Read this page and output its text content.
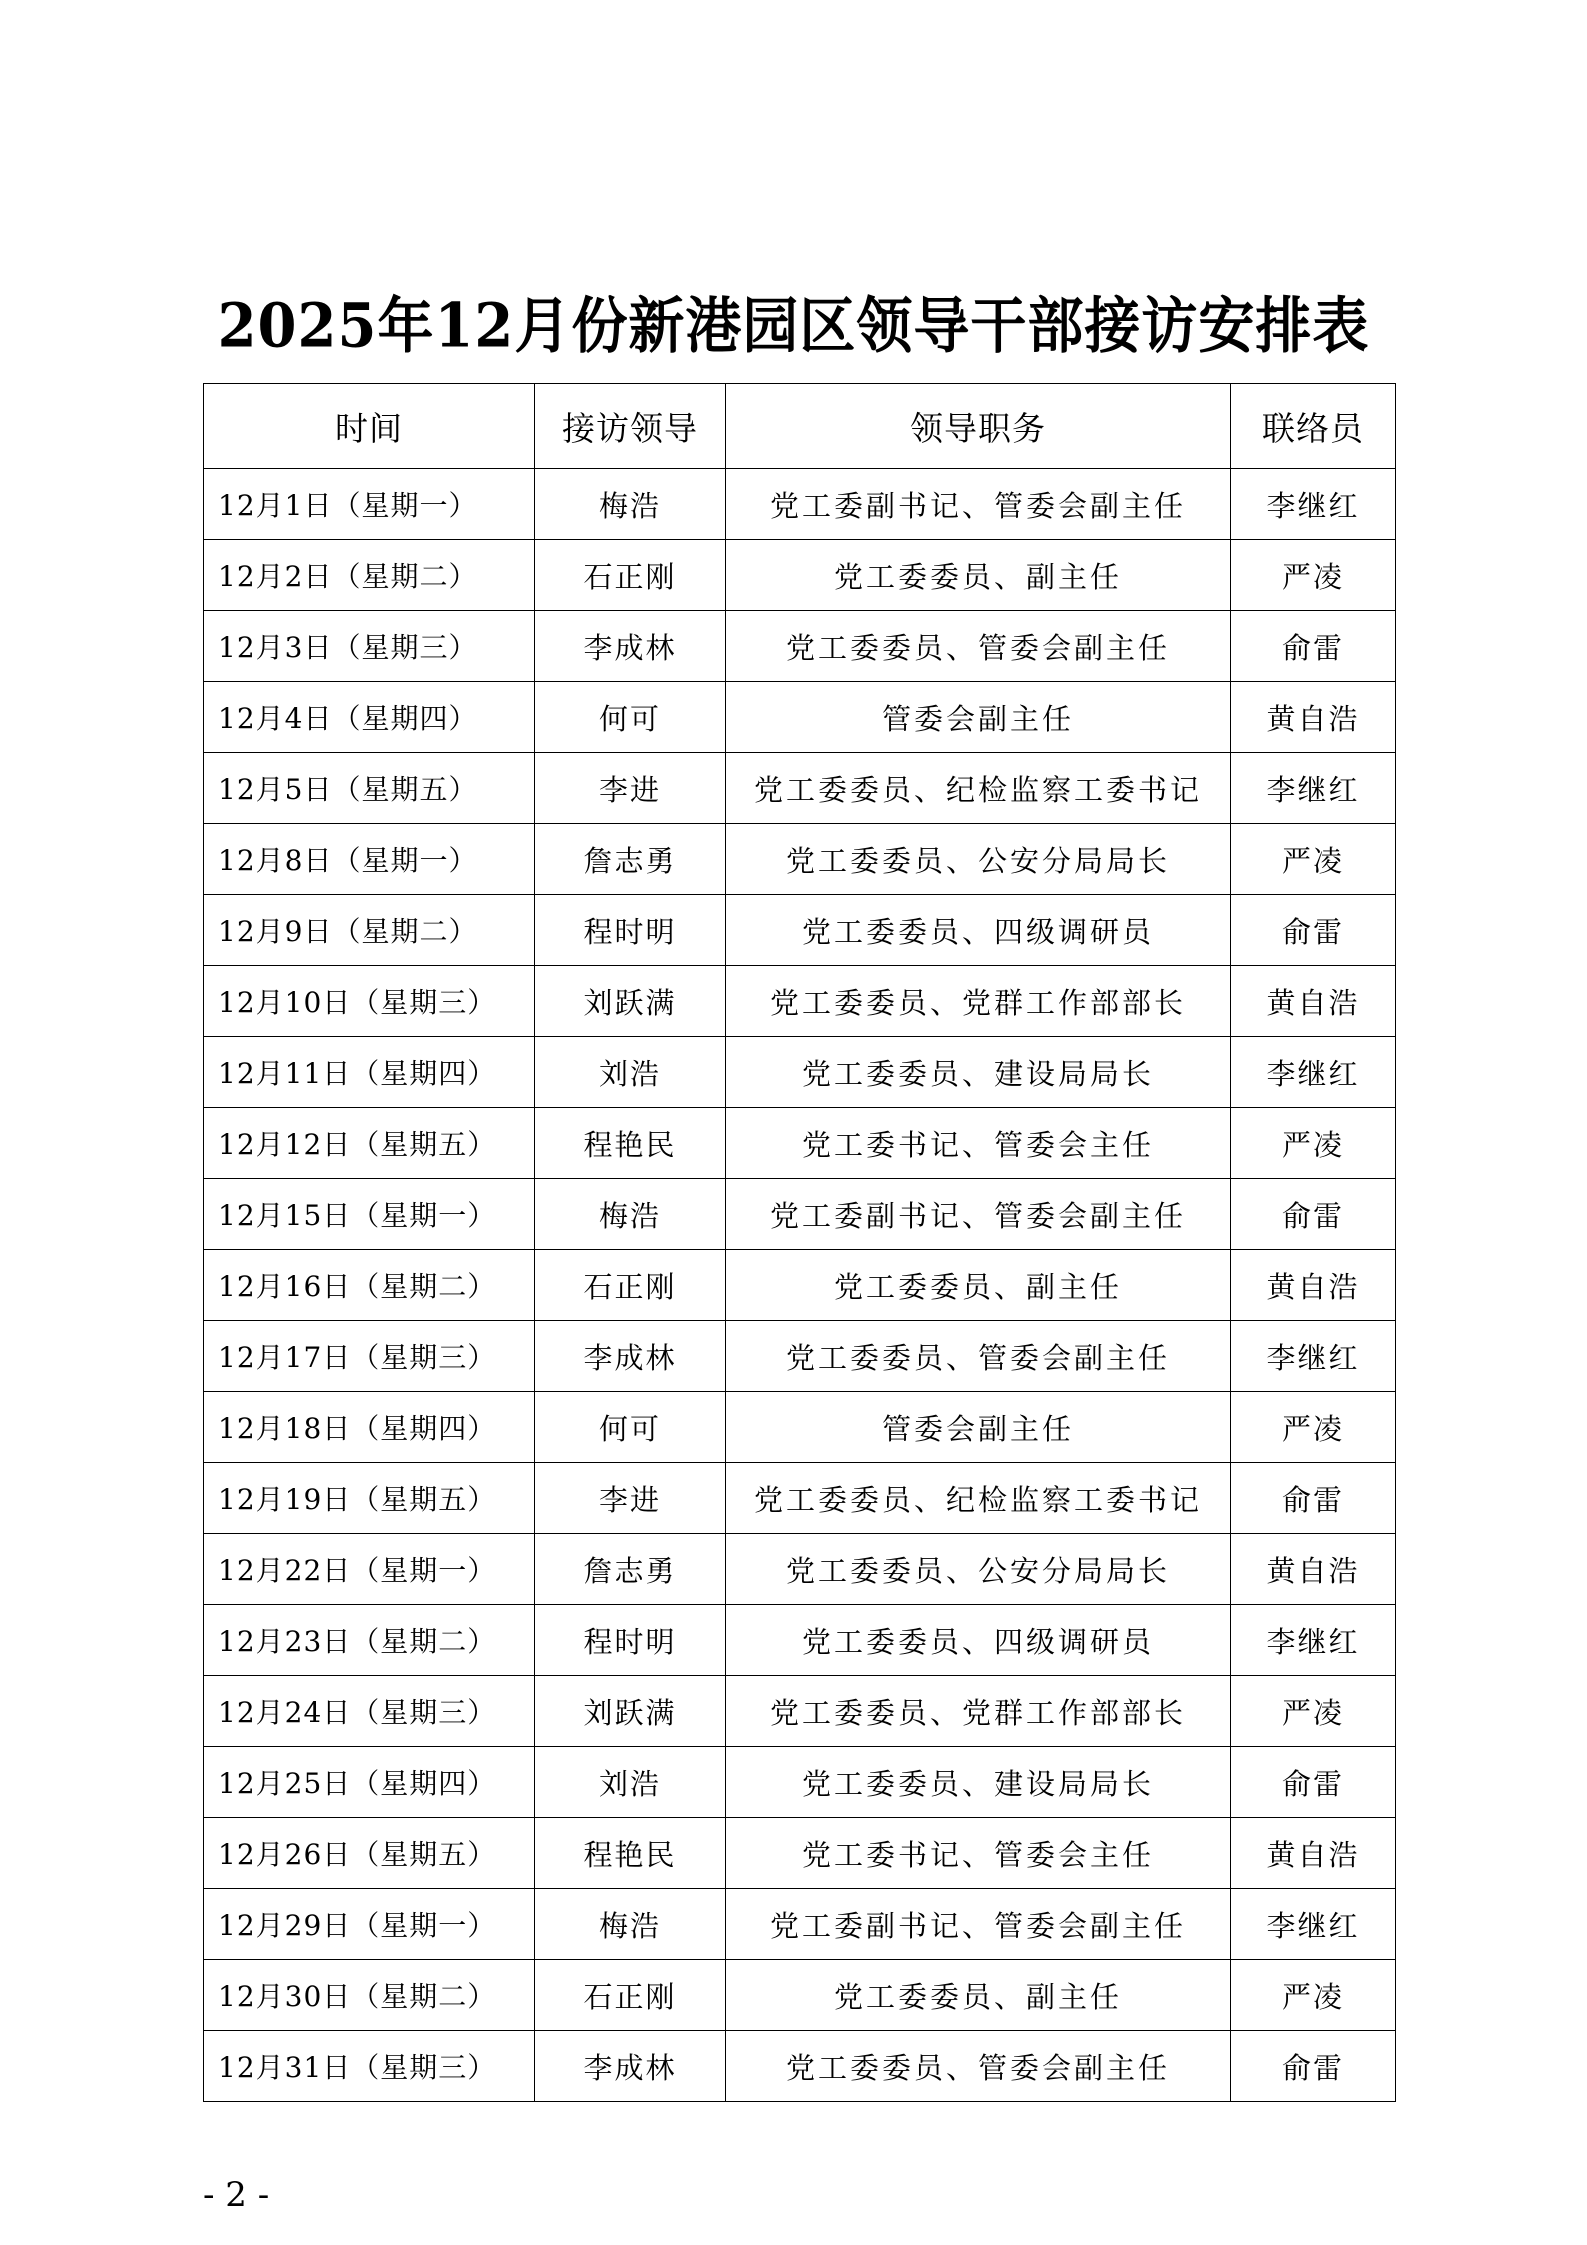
2025年12月份新港园区领导干部接访安排表
时间	接访领导	领导职务	联络员
12月1日（星期一）	梅浩	党工委副书记、管委会副主任	李继红
12月2日（星期二）	石正刚	党工委委员、副主任	严凌
12月3日（星期三）	李成林	党工委委员、管委会副主任	俞雷
12月4日（星期四）	何可	管委会副主任	黄自浩
12月5日（星期五）	李进	党工委委员、纪检监察工委书记	李继红
12月8日（星期一）	詹志勇	党工委委员、公安分局局长	严凌
12月9日（星期二）	程时明	党工委委员、四级调研员	俞雷
12月10日（星期三）	刘跃满	党工委委员、党群工作部部长	黄自浩
12月11日（星期四）	刘浩	党工委委员、建设局局长	李继红
12月12日（星期五）	程艳民	党工委书记、管委会主任	严凌
12月15日（星期一）	梅浩	党工委副书记、管委会副主任	俞雷
12月16日（星期二）	石正刚	党工委委员、副主任	黄自浩
12月17日（星期三）	李成林	党工委委员、管委会副主任	李继红
12月18日（星期四）	何可	管委会副主任	严凌
12月19日（星期五）	李进	党工委委员、纪检监察工委书记	俞雷
12月22日（星期一）	詹志勇	党工委委员、公安分局局长	黄自浩
12月23日（星期二）	程时明	党工委委员、四级调研员	李继红
12月24日（星期三）	刘跃满	党工委委员、党群工作部部长	严凌
12月25日（星期四）	刘浩	党工委委员、建设局局长	俞雷
12月26日（星期五）	程艳民	党工委书记、管委会主任	黄自浩
12月29日（星期一）	梅浩	党工委副书记、管委会副主任	李继红
12月30日（星期二）	石正刚	党工委委员、副主任	严凌
12月31日（星期三）	李成林	党工委委员、管委会副主任	俞雷
- 2 -
